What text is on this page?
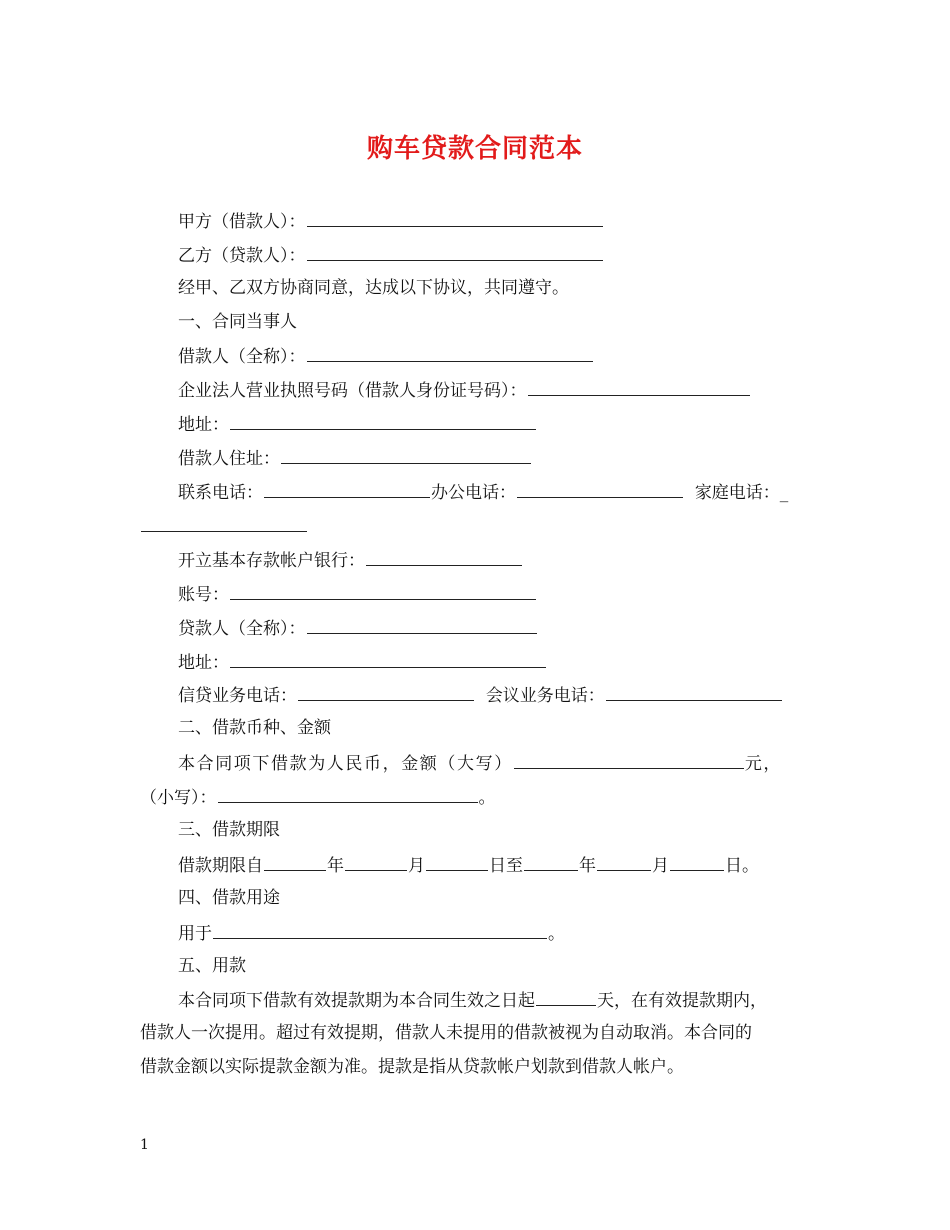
购车贷款合同范本
甲方（借款人）：
乙方（贷款人）：
经甲、乙双方协商同意，达成以下协议，共同遵守。
一、合同当事人
借款人（全称）：
企业法人营业执照号码（借款人身份证号码）：
地址：
借款人住址：
联系电话：	办公电话：	家庭电话：_
开立基本存款帐户银行：
账号：
贷款人（全称）：
地址：
信贷业务电话：	会议业务电话：
二、借款币种、金额
本合同项下借款为人民币，金额（大写）	元，
（小写）：	。
三、借款期限
借款期限自	年	月	日至	年	月	日。
四、借款用途
用于	。
五、用款
本合同项下借款有效提款期为本合同生效之日起	天，在有效提款期内，
借款人一次提用。超过有效提期，借款人未提用的借款被视为自动取消。本合同的
借款金额以实际提款金额为准。提款是指从贷款帐户划款到借款人帐户。
1
